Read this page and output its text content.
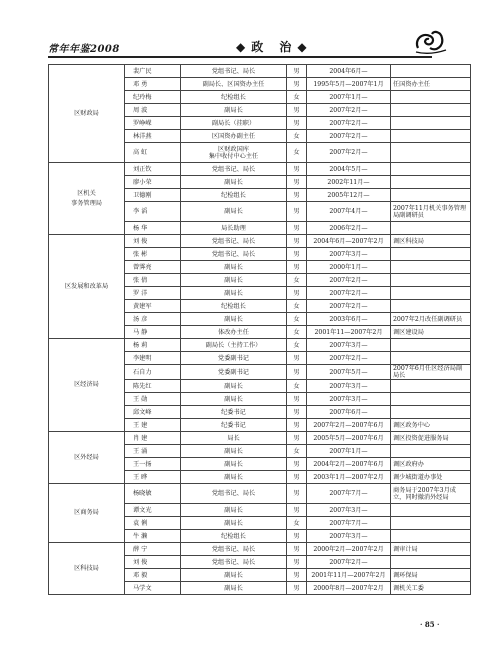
常年年鉴2008	◆政 治◆
区财政局	裴广民	党组书记、局长	男	2004年6月—	
	邓 勇	副局长、区国资办主任	男	1995年5月—2007年1月	任国资办主任
	纪玲梅	纪检组长	女	2007年1月—	
	周 波	副局长	男	2007年2月—	
	罗峥嵘	副局长（挂职）	男	2007年2月—	
	林洋燕	区国资办副主任	女	2007年2月—	
	高 虹	区财政国库
集中收付中心主任	女	2007年2月—	
区机关
事务管理局	刘正钦	党组书记、局长	男	2004年5月—	
	廖小荣	副局长	男	2002年11月—	
	卫德刚	纪检组长	男	2005年12月—	
	李 滔	副局长	男	2007年4月—	2007年11月机关事务管理局副调研员
	杨 华	局长助理	男	2006年2月—	
区发展和改革局	刘 俊	党组书记、局长	男	2004年6月—2007年2月	调区科技局
	张 彬	党组书记、局长	男	2007年3月—	
	曾霁亮	副局长	男	2000年1月—	
	张 倩	副局长	女	2007年2月—	
	罗 洋	副局长	男	2007年2月—	
	黄建军	纪检组长	女	2007年2月—	
	汤 彦	副局长	女	2003年6月—	2007年2月改任副调研员
	马 静	体改办主任	女	2001年11—2007年2月	调区建设局
区经济局	杨 莉	副局长（主持工作）	女	2007年3月—	
	李建明	党委副书记	男	2007年2月—	
	石自力	党委副书记	男	2007年5月—	2007年6月任区经济局副局长
	陈先红	副局长	女	2007年3月—	
	王 勋	副局长	男	2007年3月—	
	邱文峰	纪委书记	男	2007年6月—	
	王 建	纪委书记	男	2007年2月—2007年6月	调区政务中心
区外经局	肖 建	局长	男	2005年5月—2007年6月	调区投资促进服务局
	王 涌	副局长	女	2007年1月—	
	王一扬	副局长	男	2004年2月—2007年6月	调区政府办
	王 晔	副局长	男	2003年1月—2007年2月	调少城街道办事处
区商务局	杨晓敏	党组书记、局长	男	2007年7月—	商务局于2007年3月成立，同时撤消外经局
	谭文光	副局长	男	2007年3月—	
	袁 俐	副局长	女	2007年7月—	
	牛 濑	纪检组长	男	2007年3月—	
区科技局	薛 宁	党组书记、局长	男	2000年2月—2007年2月	调审计局
	刘 俊	党组书记、局长	男	2007年2月—	
	邓 毅	副局长	男	2001年11月—2007年2月	调环保局
	马学文	副局长	男	2000年8月—2007年2月	调机关工委
· 85 ·
